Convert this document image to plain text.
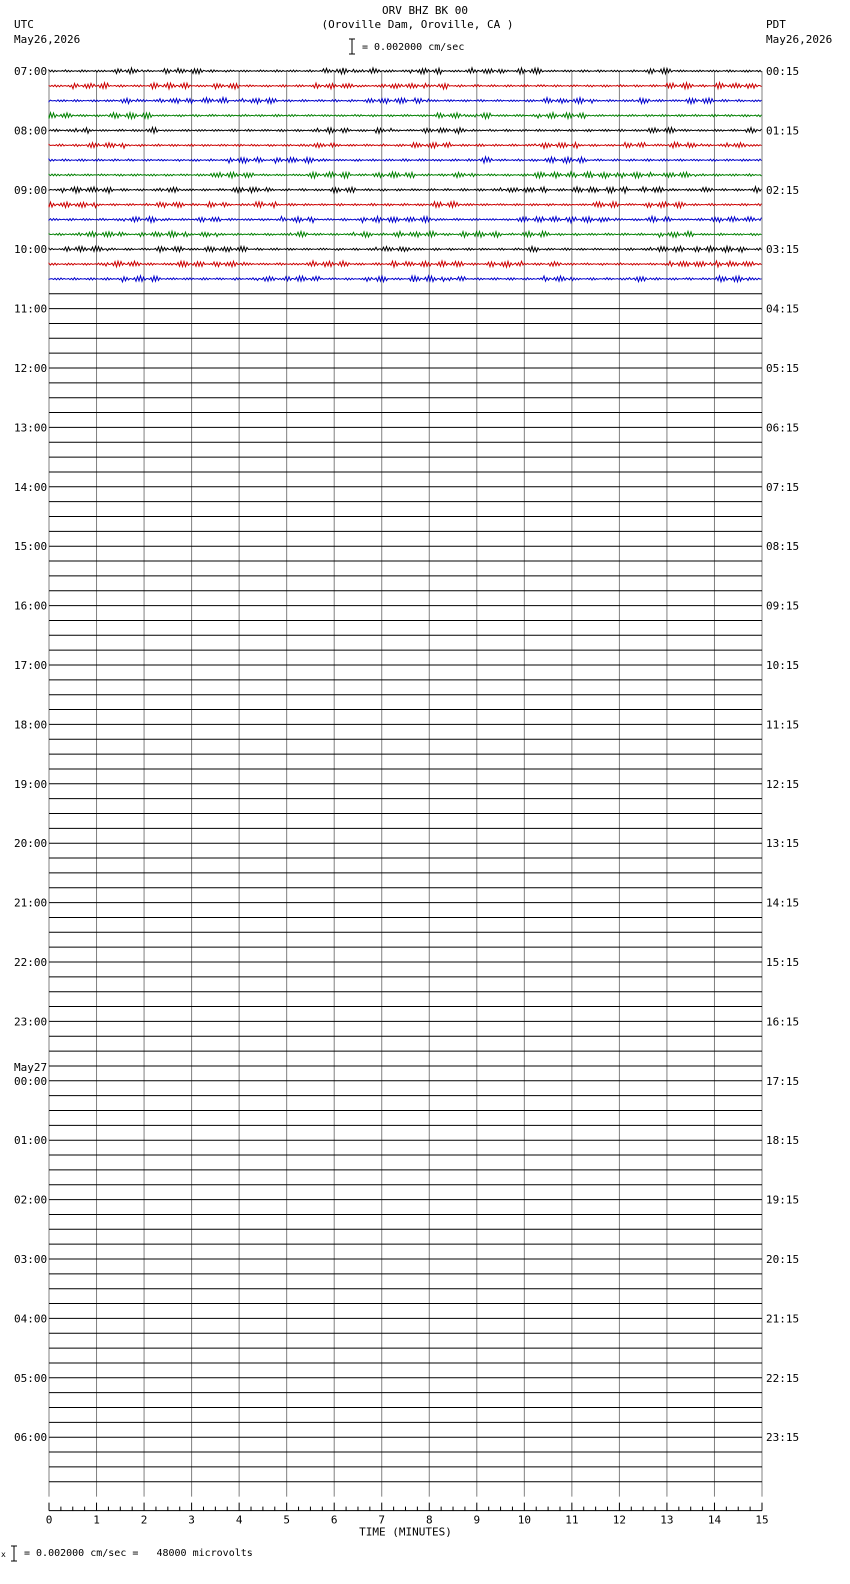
ORV BHZ BK 00
(Oroville Dam, Oroville, CA )
UTC
May26,2026
PDT
May26,2026
= 0.002000 cm/sec
x = 0.002000 cm/sec =   48000 microvolts
07:00
08:00
09:00
10:00
11:00
12:00
13:00
14:00
15:00
16:00
17:00
18:00
19:00
20:00
21:00
22:00
23:00
00:00
May27
01:00
02:00
03:00
04:00
05:00
06:00
00:15
01:15
02:15
03:15
04:15
05:15
06:15
07:15
08:15
09:15
10:15
11:15
12:15
13:15
14:15
15:15
16:15
17:15
18:15
19:15
20:15
21:15
22:15
23:15
0	1	2	3	4	5	6	7	8	9	10	11	12	13	14	15
TIME (MINUTES)
